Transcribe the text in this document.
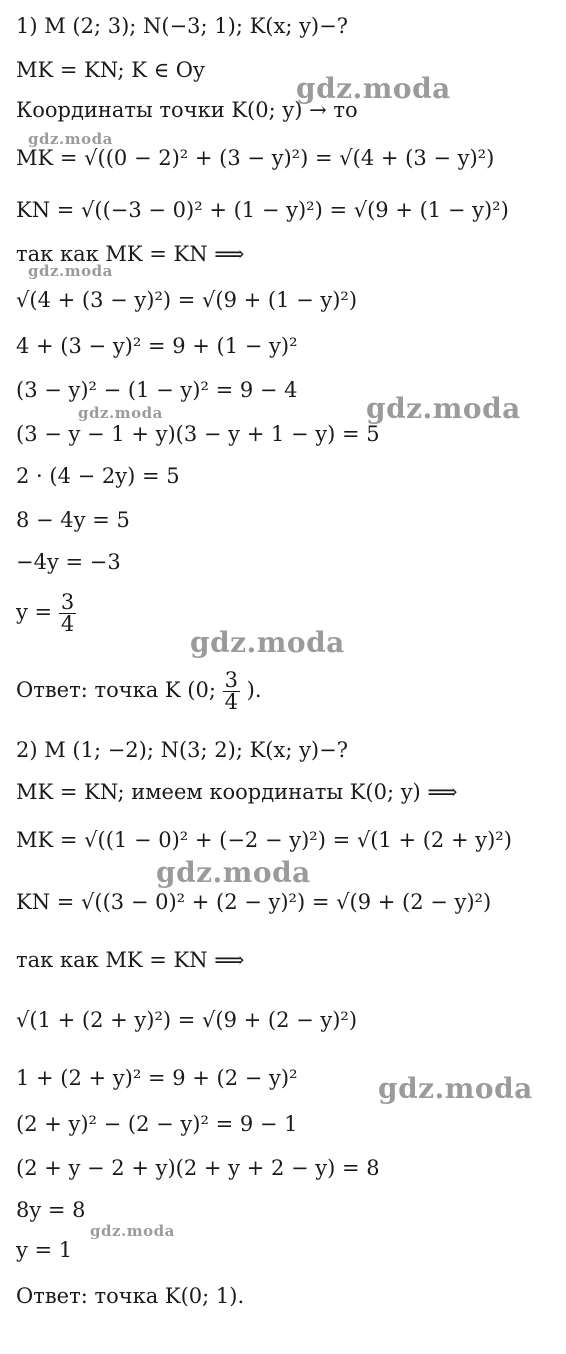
1) M (2; 3); N(−3; 1); K(x; y)−?
MK = KN; K ∈ Oy
Координаты точки K(0; y) → то
MK = √((0 − 2)² + (3 − y)²) = √(4 + (3 − y)²)
KN = √((−3 − 0)² + (1 − y)²) = √(9 + (1 − y)²)
так как MK = KN ⟹
√(4 + (3 − y)²) = √(9 + (1 − y)²)
4 + (3 − y)² = 9 + (1 − y)²
(3 − y)² − (1 − y)² = 9 − 4
(3 − y − 1 + y)(3 − y + 1 − y) = 5
2 · (4 − 2y) = 5
8 − 4y = 5
−4y = −3
$y = \frac{3}{4}$
Ответ: точка K (0; $\frac{3}{4}$ ).
2) M (1; −2); N(3; 2); K(x; y)−?
MK = KN; имеем координаты K(0; y) ⟹
MK = √((1 − 0)² + (−2 − y)²) = √(1 + (2 + y)²)
KN = √((3 − 0)² + (2 − y)²) = √(9 + (2 − y)²)
так как MK = KN ⟹
√(1 + (2 + y)²) = √(9 + (2 − y)²)
1 + (2 + y)² = 9 + (2 − y)²
(2 + y)² − (2 − y)² = 9 − 1
(2 + y − 2 + y)(2 + y + 2 − y) = 8
8y = 8
y = 1
Ответ: точка K(0; 1).
gdz.moda
gdz.moda
gdz.moda
gdz.moda
gdz.moda
gdz.moda
gdz.moda
gdz.moda
gdz.moda
